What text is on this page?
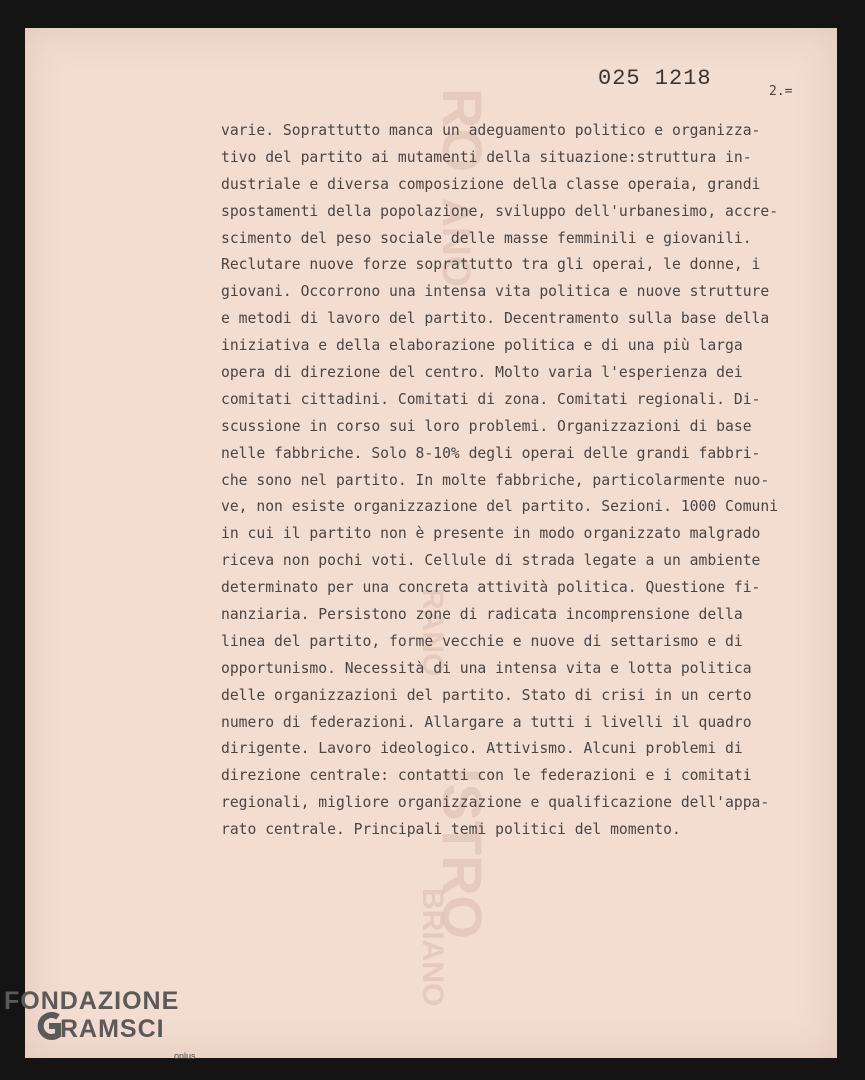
RO
ISTRO
RANO
BRIANO
ANO
025 1218
2.=
varie. Soprattutto manca un adeguamento politico e organizza-
tivo del partito ai mutamenti della situazione:struttura in-
dustriale e diversa composizione della classe operaia, grandi
spostamenti della popolazione, sviluppo dell'urbanesimo, accre-
scimento del peso sociale delle masse femminili e giovanili.
Reclutare nuove forze soprattutto tra gli operai, le donne, i
giovani. Occorrono una intensa vita politica e nuove strutture
e metodi di lavoro del partito. Decentramento sulla base della
iniziativa e della elaborazione politica e di una più larga
opera di direzione del centro. Molto varia l'esperienza dei
comitati cittadini. Comitati di zona. Comitati regionali. Di-
scussione in corso sui loro problemi. Organizzazioni di base
nelle fabbriche. Solo 8-10% degli operai delle grandi fabbri-
che sono nel partito. In molte fabbriche, particolarmente nuo-
ve, non esiste organizzazione del partito. Sezioni. 1000 Comuni
in cui il partito non è presente in modo organizzato malgrado
riceva non pochi voti. Cellule di strada legate a un ambiente
determinato per una concreta attività politica. Questione fi-
nanziaria. Persistono zone di radicata incomprensione della
linea del partito, forme vecchie e nuove di settarismo e di
opportunismo. Necessità di una intensa vita e lotta politica
delle organizzazioni del partito. Stato di crisi in un certo
numero di federazioni. Allargare a tutti i livelli il quadro
dirigente. Lavoro ideologico. Attivismo. Alcuni problemi di
direzione centrale: contatti con le federazioni e i comitati
regionali, migliore organizzazione e qualificazione dell'appa-
rato centrale. Principali temi politici del momento.
FONDAZIONE
RAMSCI
onlus
